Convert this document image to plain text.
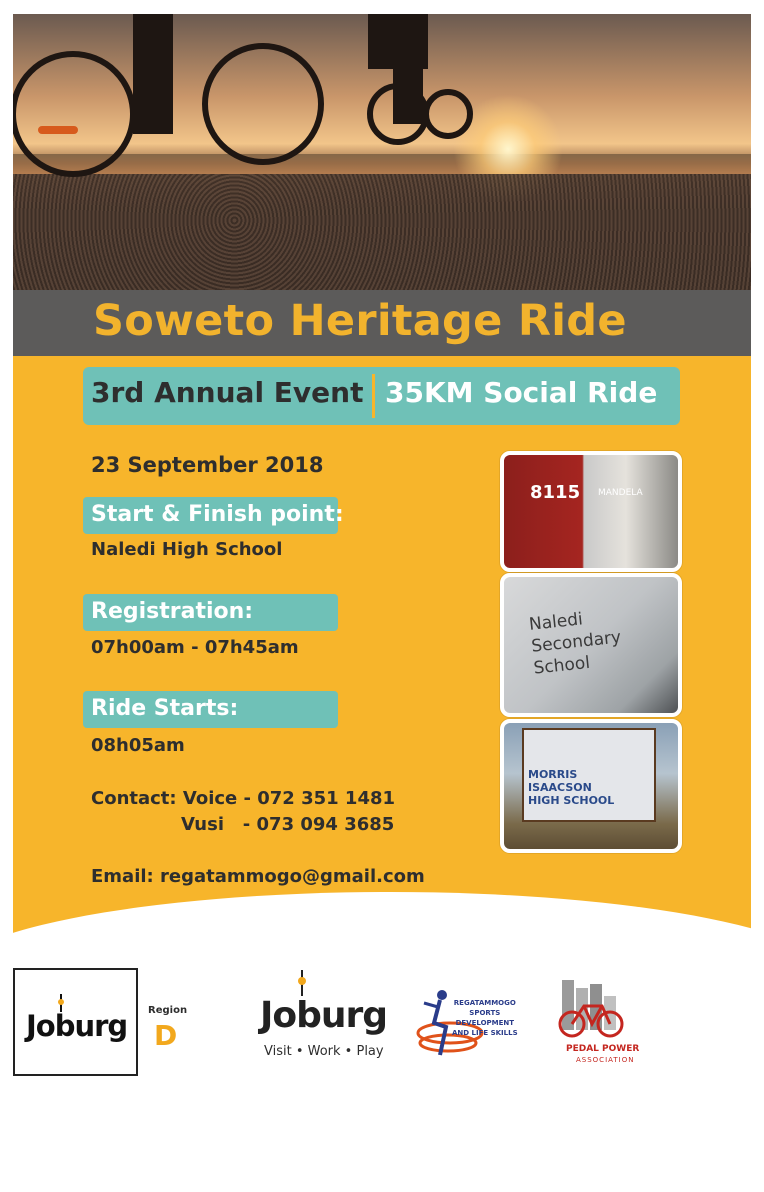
Soweto Heritage Ride
3rd Annual Event 35KM Social Ride
23 September 2018
Start & Finish point:
Naledi High School
Registration:
07h00am - 07h45am
Ride Starts:
08h05am
Contact: Voice - 072 351 1481
Vusi   - 073 094 3685
Email: regatammogo@gmail.com
8115 MANDELA
Naledi
Secondary
School
MORRIS
ISAACSON
HIGH SCHOOL
Joburg Region
D Joburg
Visit • Work • Play
REGATAMMOGO
SPORTS
DEVELOPMENT
AND LIFE SKILLS
PEDAL POWER
ASSOCIATION
